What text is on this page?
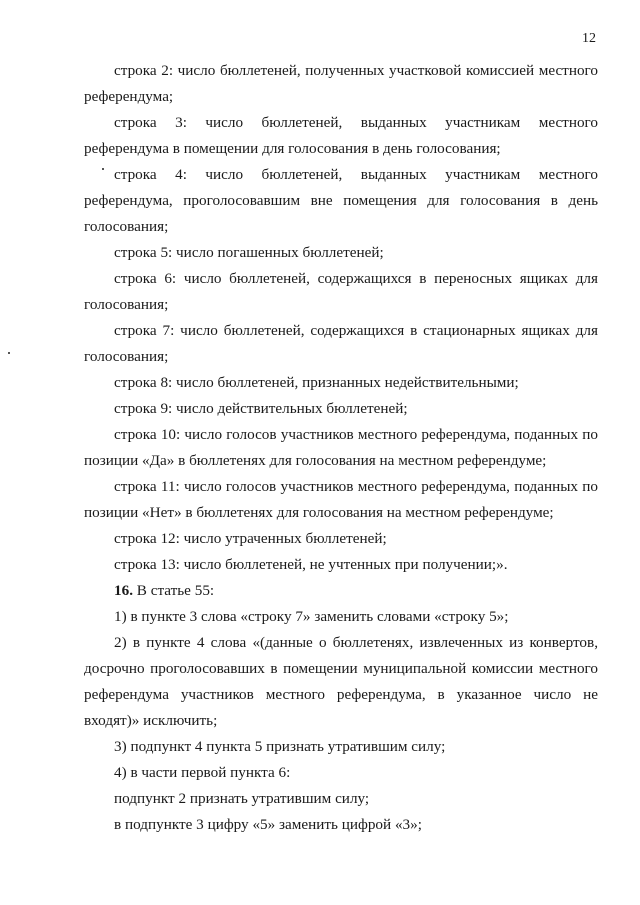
12

строка 2: число бюллетеней, полученных участковой комиссией местного референдума;

строка 3: число бюллетеней, выданных участникам местного референдума в помещении для голосования в день голосования;

строка 4: число бюллетеней, выданных участникам местного референдума, проголосовавшим вне помещения для голосования в день голосования;

строка 5: число погашенных бюллетеней;

строка 6: число бюллетеней, содержащихся в переносных ящиках для голосования;

строка 7: число бюллетеней, содержащихся в стационарных ящиках для голосования;

строка 8: число бюллетеней, признанных недействительными;

строка 9: число действительных бюллетеней;

строка 10: число голосов участников местного референдума, поданных по позиции «Да» в бюллетенях для голосования на местном референдуме;

строка 11: число голосов участников местного референдума, поданных по позиции «Нет» в бюллетенях для голосования на местном референдуме;

строка 12: число утраченных бюллетеней;

строка 13: число бюллетеней, не учтенных при получении;».

16. В статье 55:

1) в пункте 3 слова «строку 7» заменить словами «строку 5»;

2) в пункте 4 слова «(данные о бюллетенях, извлеченных из конвертов, досрочно проголосовавших в помещении муниципальной комиссии местного референдума участников местного референдума, в указанное число не входят)» исключить;

3) подпункт 4 пункта 5 признать утратившим силу;

4) в части первой пункта 6:

подпункт 2 признать утратившим силу;

в подпункте 3 цифру «5» заменить цифрой «3»;
